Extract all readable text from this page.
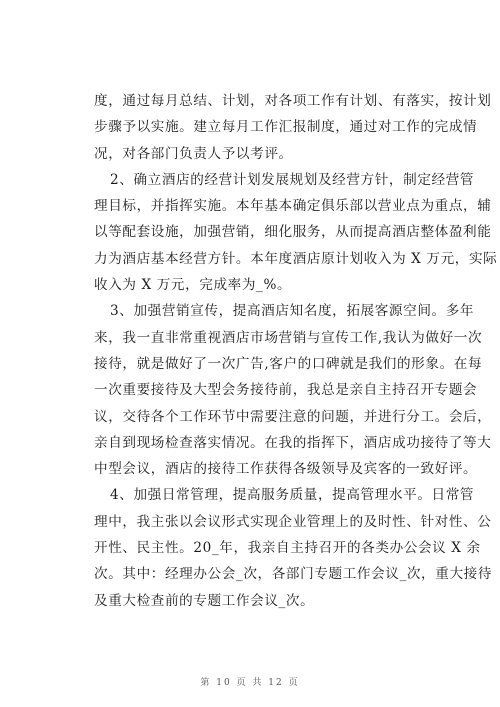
度，通过每月总结、计划，对各项工作有计划、有落实，按计划
步骤予以实施。建立每月工作汇报制度，通过对工作的完成情
况，对各部门负责人予以考评。
2、确立酒店的经营计划发展规划及经营方针，制定经营管
理目标，并指挥实施。本年基本确定俱乐部以营业点为重点，辅
以等配套设施，加强营销，细化服务，从而提高酒店整体盈利能
力为酒店基本经营方针。本年度酒店原计划收入为 X 万元，实际
收入为 X 万元，完成率为_%。
3、加强营销宣传，提高酒店知名度，拓展客源空间。多年
来，我一直非常重视酒店市场营销与宣传工作,我认为做好一次
接待，就是做好了一次广告,客户的口碑就是我们的形象。在每
一次重要接待及大型会务接待前，我总是亲自主持召开专题会
议，交待各个工作环节中需要注意的问题，并进行分工。会后，
亲自到现场检查落实情况。在我的指挥下，酒店成功接待了等大
中型会议，酒店的接待工作获得各级领导及宾客的一致好评。
4、加强日常管理，提高服务质量，提高管理水平。日常管
理中，我主张以会议形式实现企业管理上的及时性、针对性、公
开性、民主性。20_年，我亲自主持召开的各类办公会议 X 余
次。其中：经理办公会_次，各部门专题工作会议_次，重大接待
及重大检查前的专题工作会议_次。
第 10 页 共 12 页
